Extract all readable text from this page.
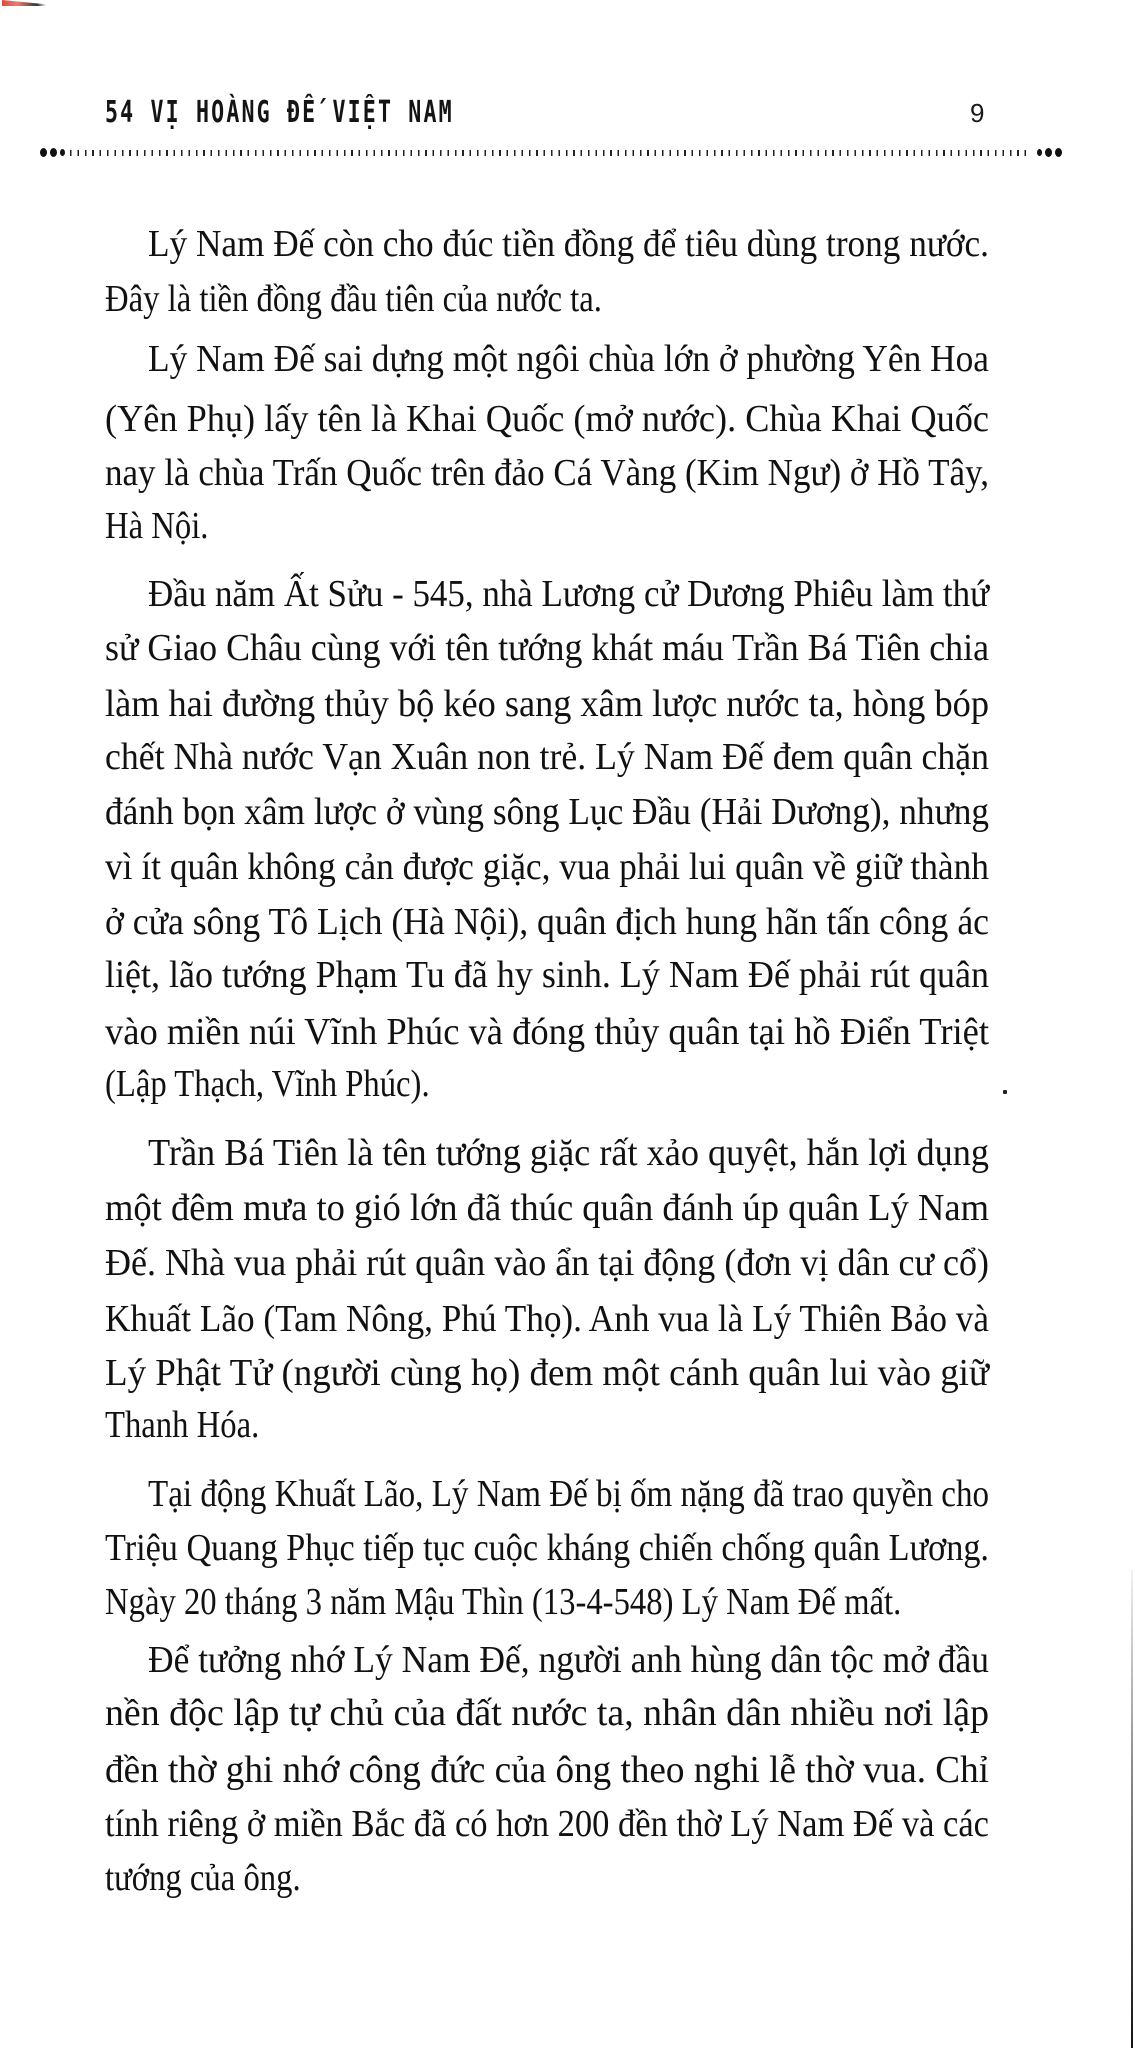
54 VỊ HOÀNG ĐẾ VIỆT NAM	9
Lý Nam Đế còn cho đúc tiền đồng để tiêu dùng trong nước.
Đây là tiền đồng đầu tiên của nước ta.
Lý Nam Đế sai dựng một ngôi chùa lớn ở phường Yên Hoa
(Yên Phụ) lấy tên là Khai Quốc (mở nước). Chùa Khai Quốc
nay là chùa Trấn Quốc trên đảo Cá Vàng (Kim Ngư) ở Hồ Tây,
Hà Nội.
Đầu năm Ất Sửu - 545, nhà Lương cử Dương Phiêu làm thứ
sử Giao Châu cùng với tên tướng khát máu Trần Bá Tiên chia
làm hai đường thủy bộ kéo sang xâm lược nước ta, hòng bóp
chết Nhà nước Vạn Xuân non trẻ. Lý Nam Đế đem quân chặn
đánh bọn xâm lược ở vùng sông Lục Đầu (Hải Dương), nhưng
vì ít quân không cản được giặc, vua phải lui quân về giữ thành
ở cửa sông Tô Lịch (Hà Nội), quân địch hung hãn tấn công ác
liệt, lão tướng Phạm Tu đã hy sinh. Lý Nam Đế phải rút quân
vào miền núi Vĩnh Phúc và đóng thủy quân tại hồ Điển Triệt
(Lập Thạch, Vĩnh Phúc).
Trần Bá Tiên là tên tướng giặc rất xảo quyệt, hắn lợi dụng
một đêm mưa to gió lớn đã thúc quân đánh úp quân Lý Nam
Đế. Nhà vua phải rút quân vào ẩn tại động (đơn vị dân cư cổ)
Khuất Lão (Tam Nông, Phú Thọ). Anh vua là Lý Thiên Bảo và
Lý Phật Tử (người cùng họ) đem một cánh quân lui vào giữ
Thanh Hóa.
Tại động Khuất Lão, Lý Nam Đế bị ốm nặng đã trao quyền cho
Triệu Quang Phục tiếp tục cuộc kháng chiến chống quân Lương.
Ngày 20 tháng 3 năm Mậu Thìn (13-4-548) Lý Nam Đế mất.
Để tưởng nhớ Lý Nam Đế, người anh hùng dân tộc mở đầu
nền độc lập tự chủ của đất nước ta, nhân dân nhiều nơi lập
đền thờ ghi nhớ công đức của ông theo nghi lễ thờ vua. Chỉ
tính riêng ở miền Bắc đã có hơn 200 đền thờ Lý Nam Đế và các
tướng của ông.
